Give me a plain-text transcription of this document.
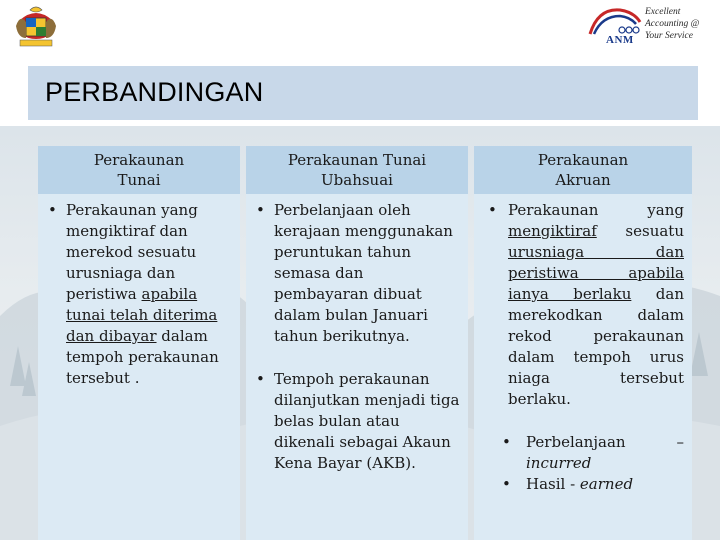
ANM
Excellent
Accounting @
Your Service
PERBANDINGAN
Perakaunan
Tunai
• Perakaunan yang mengiktiraf dan merekod sesuatu urusniaga dan peristiwa apabila tunai telah diterima dan dibayar dalam tempoh perakaunan tersebut .
Perakaunan Tunai
Ubahsuai
• Perbelanjaan oleh kerajaan menggunakan peruntukan tahun semasa dan pembayaran dibuat dalam bulan Januari tahun berikutnya.
• Tempoh perakaunan dilanjutkan menjadi tiga belas bulan atau dikenali sebagai Akaun Kena Bayar (AKB).
Perakaunan
Akruan
• Perakaunan yang mengiktiraf sesuatu urusniaga dan peristiwa apabila ianya berlaku dan merekodkan dalam rekod perakaunan dalam tempoh urus niaga tersebut berlaku.
• Perbelanjaan	–
incurred
• Hasil - earned
